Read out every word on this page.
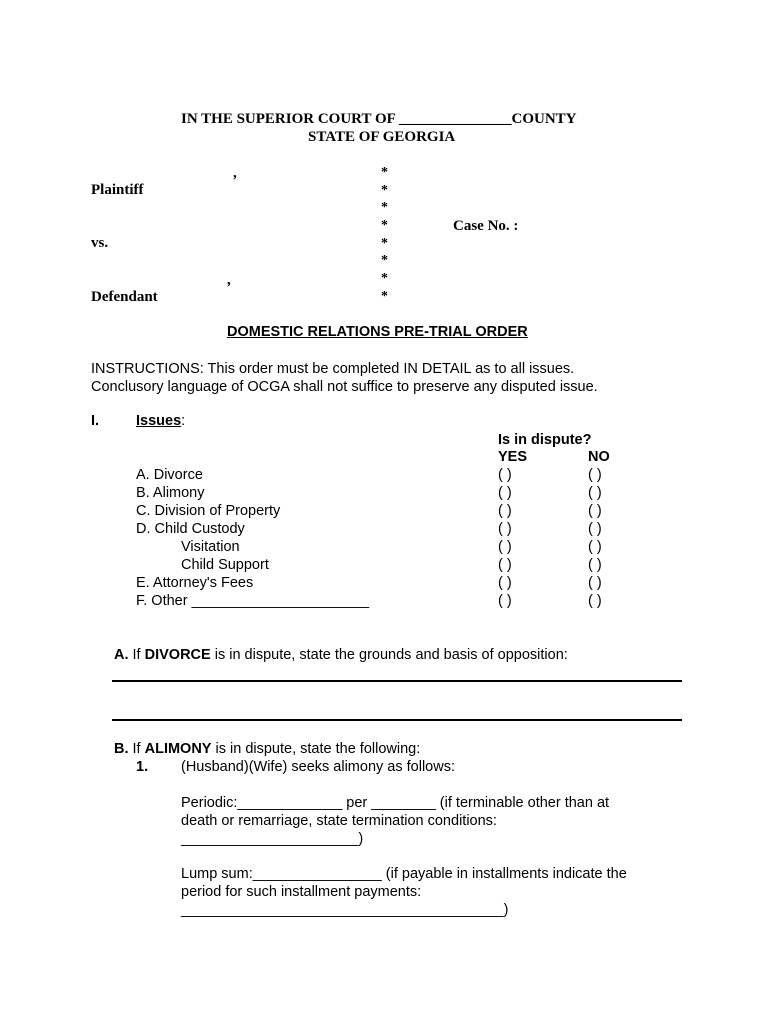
IN THE SUPERIOR COURT OF _______________COUNTY
STATE OF GEORGIA
,
Plaintiff
vs.
,
Defendant
*
*
*
*
*
*
*
*
Case No. :
DOMESTIC RELATIONS PRE-TRIAL ORDER
INSTRUCTIONS: This order must be completed IN DETAIL as to all issues.
Conclusory language of OCGA shall not suffice to preserve any disputed issue.
I.	Issues:
Is in dispute?
YES	NO
A. Divorce	( )	( )
B. Alimony	( )	( )
C. Division of Property	( )	( )
D. Child Custody	( )	( )
Visitation	( )	( )
Child Support	( )	( )
E. Attorney's Fees	( )	( )
F. Other ______________________	( )	( )
A. If DIVORCE is in dispute, state the grounds and basis of opposition:
B. If ALIMONY is in dispute, state the following:
1. (Husband)(Wife) seeks alimony as follows:
Periodic:_____________ per ________ (if terminable other than at
death or remarriage, state termination conditions:
______________________)
Lump sum:________________ (if payable in installments indicate the
period for such installment payments:
________________________________________)
